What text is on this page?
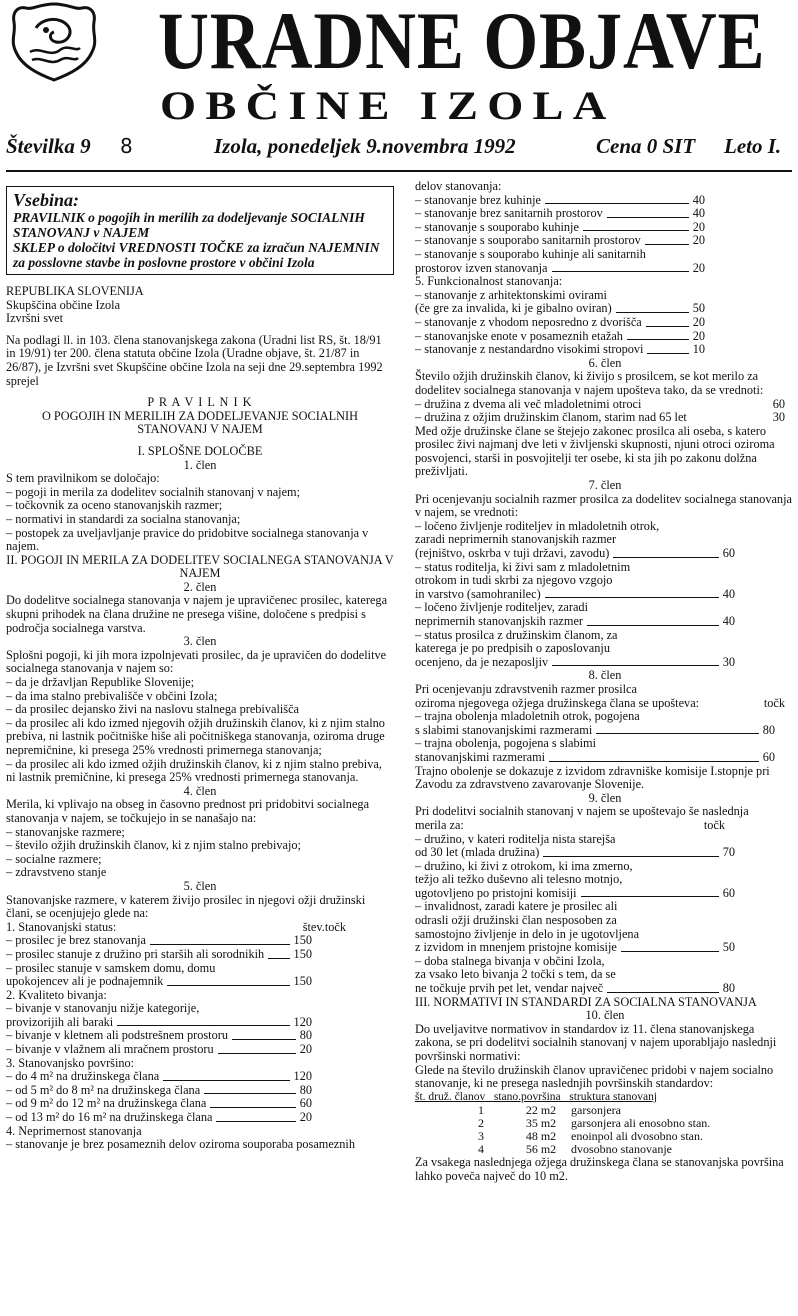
URADNE OBJAVE
OBČINE IZOLA
Številka 9 8	Izola, ponedeljek 9.novembra 1992	Cena 0 SIT Leto I.

Vsebina:

PRAVILNIK o pogojih in merilih za dodeljevanje SOCIALNIH STANOVANJ v NAJEM

SKLEP o določitvi VREDNOSTI TOČKE za izračun NAJEMNIN za posslovne stavbe in poslovne prostore v občini Izola

REPUBLIKA SLOVENIJA

Skupščina občine Izola

Izvršni svet

Na podlagi ll. in 103. člena stanovanjskega zakona (Uradni list RS, št. 18/91 in 19/91) ter 200. člena statuta občine Izola (Uradne objave, št. 21/87 in 26/87), je Izvršni svet Skupščine občine Izola na seji dne 29.septembra 1992 sprejel

P R A V I L N I K

O POGOJIH IN MERILIH ZA DODELJEVANJE SOCIALNIH STANOVANJ V NAJEM

I. SPLOŠNE DOLOČBE

1. člen

S tem pravilnikom se določajo:

– pogoji in merila za dodelitev socialnih stanovanj v najem;

– točkovnik za oceno stanovanjskih razmer;

– normativi in standardi za socialna stanovanja;

– postopek za uveljavljanje pravice do pridobitve socialnega stanovanja v najem.

II. POGOJI IN MERILA ZA DODELITEV SOCIALNEGA STANOVANJA V NAJEM

2. člen

Do dodelitve socialnega stanovanja v najem je upravičenec prosilec, katerega skupni prihodek na člana družine ne presega višine, določene s predpisi s področja socialnega varstva.

3. člen

Splošni pogoji, ki jih mora izpolnjevati prosilec, da je upravičen do dodelitve socialnega stanovanja v najem so:

– da je državljan Republike Slovenije;

– da ima stalno prebivališče v občini Izola;

– da prosilec dejansko živi na naslovu stalnega prebivališča

– da prosilec ali kdo izmed njegovih ožjih družinskih članov, ki z njim stalno prebiva, ni lastnik počitniške hiše ali počitniškega stanovanja, oziroma druge nepremičnine, ki presega 25% vrednosti primernega stanovanja;

– da prosilec ali kdo izmed ožjih družinskih članov, ki z njim stalno prebiva, ni lastnik premičnine, ki presega 25% vrednosti primernega stanovanja.

4. člen

Merila, ki vplivajo na obseg in časovno prednost pri pridobitvi socialnega stanovanja v najem, se točkujejo in se nanašajo na:

– stanovanjske razmere;

– število ožjih družinskih članov, ki z njim stalno prebivajo;

– socialne razmere;

– zdravstveno stanje

5. člen

Stanovanjske razmere, v katerem živijo prosilec in njegovi ožji družinski člani, se ocenjujejo glede na:

1. Stanovanjski status:	štev.točk
– prosilec je brez stanovanja	150
– prosilec stanuje z družino pri starših ali sorodnikih 150
– prosilec stanuje v samskem domu, domu
upokojencev ali je podnajemnik	150

2. Kvaliteto bivanja:

– bivanje v stanovanju nižje kategorije,
provizorijih ali baraki	120
– bivanje v kletnem ali podstrešnem prostoru	80
– bivanje v vlažnem ali mračnem prostoru	20

3. Stanovanjsko površino:

– do 4 m² na družinskega člana	120
– od 5 m² do 8 m² na družinskega člana	80
– od 9 m² do 12 m² na družinskega člana	60
– od 13 m² do 16 m² na družinskega člana	20

4. Neprimernost stanovanja

– stanovanje je brez posameznih delov oziroma souporaba posameznih

delov stanovanja:

– stanovanje brez kuhinje	40
– stanovanje brez sanitarnih prostorov	40
– stanovanje s souporabo kuhinje	20
– stanovanje s souporabo sanitarnih prostorov	20
– stanovanje s souporabo kuhinje ali sanitarnih
prostorov izven stanovanja	20

5. Funkcionalnost stanovanja:

– stanovanje z arhitektonskimi ovirami
(če gre za invalida, ki je gibalno oviran)	50
– stanovanje z vhodom neposredno z dvorišča	20
– stanovanjske enote v posameznih etažah	20
– stanovanje z nestandardno visokimi stropovi	10

6. člen

Število ožjih družinskih članov, ki živijo s prosilcem, se kot merilo za dodelitev socialnega stanovanja v najem upošteva tako, da se vrednoti:

– družina z dvema ali več mladoletnimi otroci	60
– družina z ožjim družinskim članom, starim nad 65 let	30

Med ožje družinske člane se štejejo zakonec prosilca ali oseba, s katero prosilec živi najmanj dve leti v življenski skupnosti, njuni otroci oziroma posvojenci, starši in posvojitelji ter osebe, ki sta jih po zakonu dolžna preživljati.

7. člen

Pri ocenjevanju socialnih razmer prosilca za dodelitev socialnega stanovanja v najem, se vrednoti:

– ločeno življenje roditeljev in mladoletnih otrok,
zaradi neprimernih stanovanjskih razmer
(rejništvo, oskrba v tuji državi, zavodu)	60
– status roditelja, ki živi sam z mladoletnim
otrokom in tudi skrbi za njegovo vzgojo
in varstvo (samohranilec)	40
– ločeno življenje roditeljev, zaradi
neprimernih stanovanjskih razmer	40
– status prosilca z družinskim članom, za
katerega je po predpisih o zaposlovanju
ocenjeno, da je nezaposljiv	30

8. člen

Pri ocenjevanju zdravstvenih razmer prosilca

oziroma njegovega ožjega družinskega člana se upošteva:	točk
– trajna obolenja mladoletnih otrok, pogojena
s slabimi stanovanjskimi razmerami	80
– trajna obolenja, pogojena s slabimi
stanovanjskimi razmerami	60

Trajno obolenje se dokazuje z izvidom zdravniške komisije I.stopnje pri Zavodu za zdravstveno zavarovanje Slovenije.

9. člen

Pri dodelitvi socialnih stanovanj v najem se upoštevajo še naslednja

merila za:	točk
– družino, v kateri roditelja nista starejša
od 30 let (mlada družina)	70
– družino, ki živi z otrokom, ki ima zmerno,
težjo ali težko duševno ali telesno motnjo,
ugotovljeno po pristojni komisiji	60
– invalidnost, zaradi katere je prosilec ali
odrasli ožji družinski član nesposoben za
samostojno življenje in delo in je ugotovljena
z izvidom in mnenjem pristojne komisije	50
– doba stalnega bivanja v občini Izola,
za vsako leto bivanja 2 točki s tem, da se
ne točkuje prvih pet let, vendar največ	80

III. NORMATIVI IN STANDARDI ZA SOCIALNA STANOVANJA

10. člen

Do uveljavitve normativov in standardov iz 11. člena stanovanjskega zakona, se pri dodelitvi socialnih stanovanj v najem uporabljajo naslednji površinski normativi:

Glede na število družinskih članov upravičenec pridobi v najem socialno stanovanje, ki ne presega naslednjih površinskih standardov:

št. druž. članov   stano.površina   struktura stanovanj

1	22 m2	garsonjera
2	35 m2	garsonjera ali enosobno stan.
3	48 m2	enoinpol ali dvosobno stan.
4	56 m2	dvosobno stanovanje

Za vsakega naslednjega ožjega družinskega člana se stanovanjska površina lahko poveča največ do 10 m2.
